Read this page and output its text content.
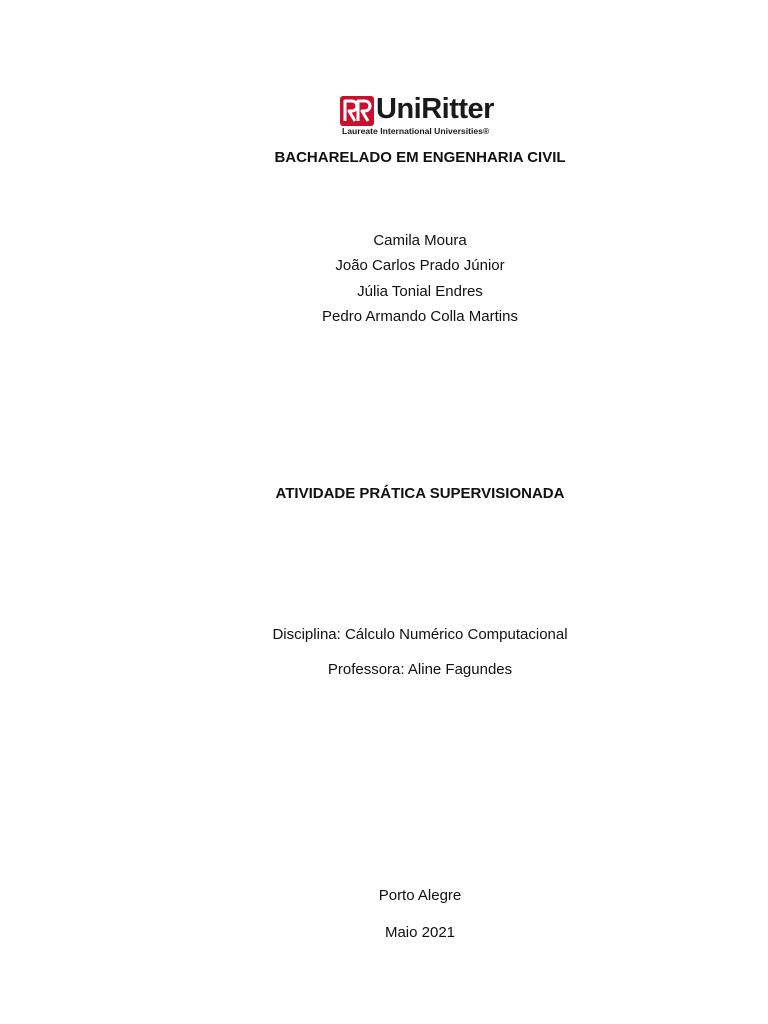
UniRitter
Laureate International Universities®
BACHARELADO EM ENGENHARIA CIVIL
Camila Moura
João Carlos Prado Júnior
Júlia Tonial Endres
Pedro Armando Colla Martins
ATIVIDADE PRÁTICA SUPERVISIONADA
Disciplina: Cálculo Numérico Computacional
Professora: Aline Fagundes
Porto Alegre
Maio 2021
